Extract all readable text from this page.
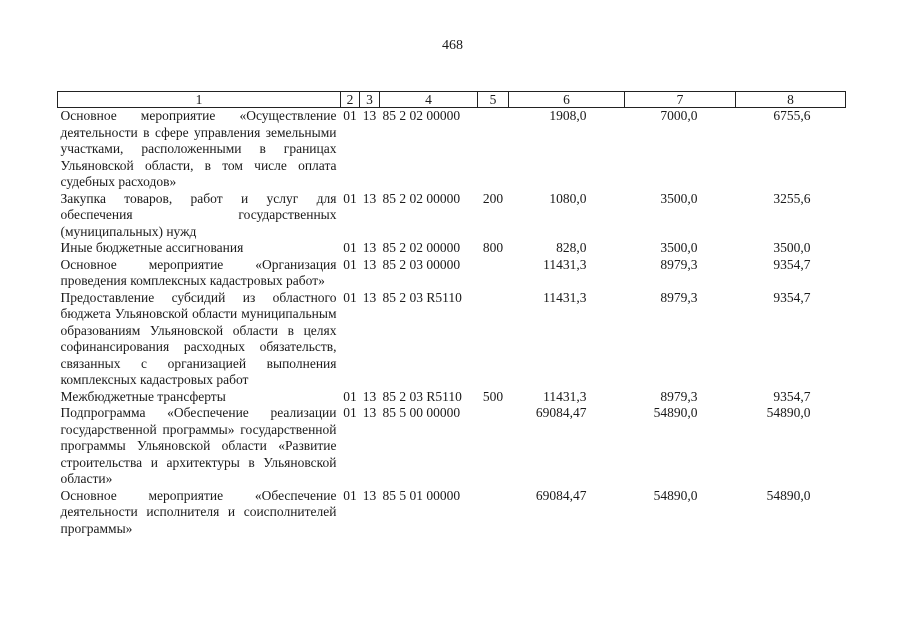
468
1	2	3	4	5	6	7	8
Основное мероприятие «Осуществление деятельности в сфере управления земельными участками, расположенными в границах Ульяновской области, в том числе оплата судебных расходов»	01	13	85 2 02 00000		1908,0	7000,0	6755,6
Закупка товаров, работ и услуг для обеспечения государственных (муниципальных) нужд	01	13	85 2 02 00000	200	1080,0	3500,0	3255,6
Иные бюджетные ассигнования	01	13	85 2 02 00000	800	828,0	3500,0	3500,0
Основное мероприятие «Организация проведения комплексных кадастровых работ»	01	13	85 2 03 00000		11431,3	8979,3	9354,7
Предоставление субсидий из областного бюджета Ульяновской области муниципальным образованиям Ульяновской области в целях софинансирования расходных обязательств, связанных с организацией выполнения комплексных кадастровых работ	01	13	85 2 03 R5110		11431,3	8979,3	9354,7
Межбюджетные трансферты	01	13	85 2 03 R5110	500	11431,3	8979,3	9354,7
Подпрограмма «Обеспечение реализации государственной программы» государственной программы Ульяновской области «Развитие строительства и архитектуры в Ульяновской области»	01	13	85 5 00 00000		69084,47	54890,0	54890,0
Основное мероприятие «Обеспечение деятельности исполнителя и соисполнителей программы»	01	13	85 5 01 00000		69084,47	54890,0	54890,0
